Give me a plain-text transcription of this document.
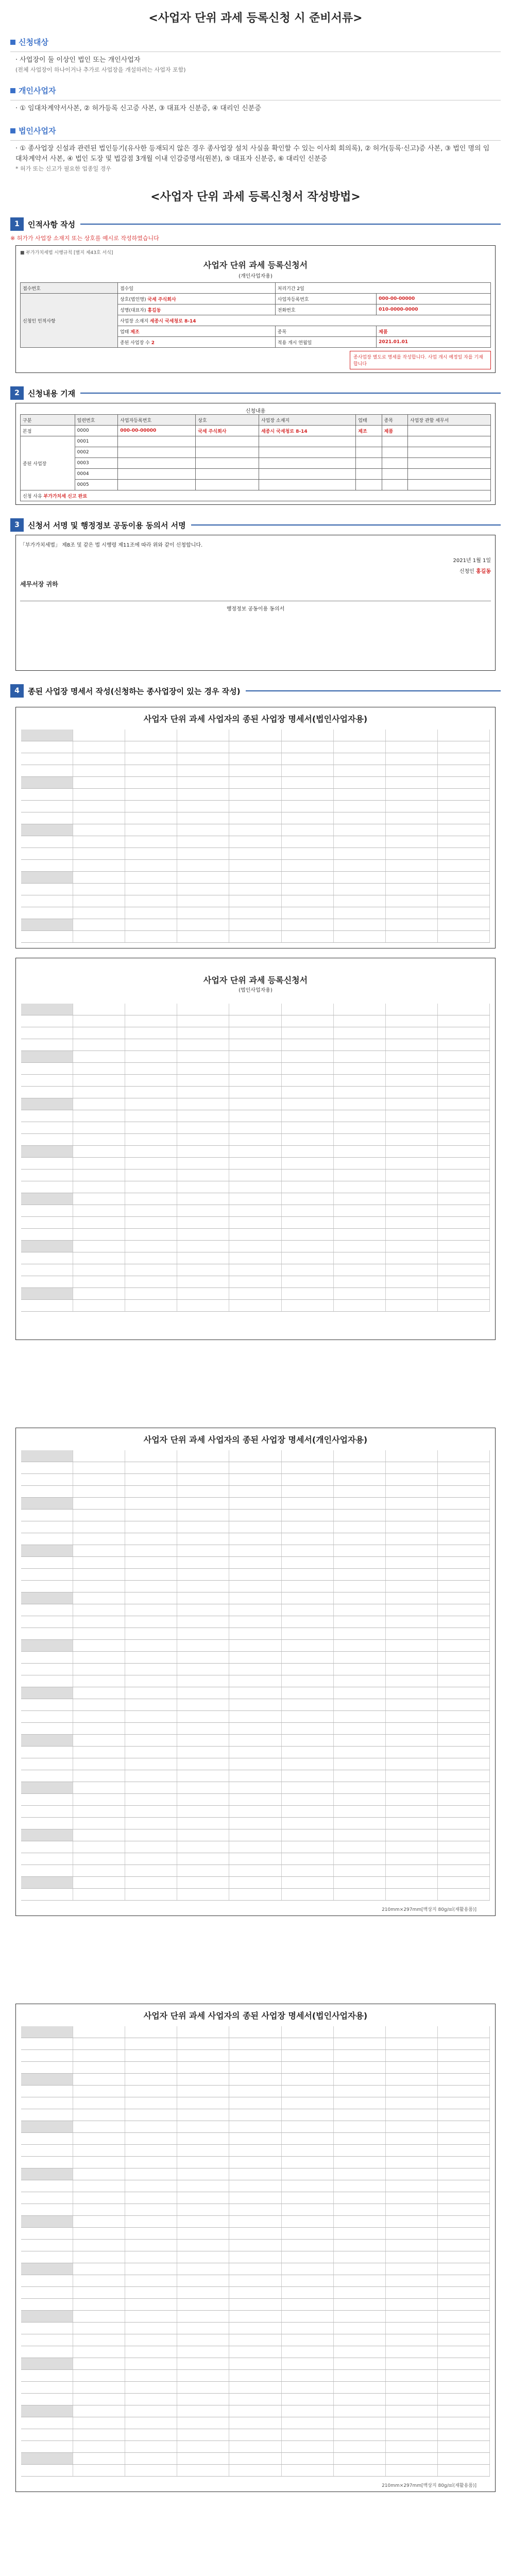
<사업자 단위 과세 등록신청 시 준비서류>
신청대상
· 사업장이 둘 이상인 법인 또는 개인사업자
(전체 사업장이 하나이거나 추가로 사업장을 개설하려는 사업자 포함)
개인사업자
· ① 임대차계약서사본, ② 허가등록 신고증 사본, ③ 대표자 신분증, ④ 대리인 신분증
법인사업자
· ① 종사업장 신설과 관련된 법인등기(유사한 등재되지 않은 경우 종사업장 설치 사실을 확인할 수 있는 이사회 회의록), ② 허가(등록·신고)증 사본, ③ 법인 명의 임대차계약서 사본, ④ 법인 도장 및 법감점 3개월 이내 인감증명서(원본), ⑤ 대표자 신분증, ⑥ 대리인 신분증
* 허가 또는 신고가 필요한 업종일 경우
<사업자 단위 과세 등록신청서 작성방법>
1	인적사항 작성
※ 허가가 사업장 소재지 또는 상호를 예시로 작성하였습니다
■ 부가가치세법 시행규칙 [별지 제43호 서식]
사업자 단위 과세 등록신청서
(개인사업자용)
접수번호	접수일	처리기간 2일	
신청인 인적사항	상호(법인명) 국세 주식회사	사업자등록번호	000-00-00000
	성명(대표자) 홍길동	전화번호	010-0000-0000
	사업장 소재지 세종시 국세청로 8-14		
	업태 제조	종목	제품
	종된 사업장 수 2	적용 개시 연월일	2021.01.01
종사업장 별도로 명세를 작성합니다. 사업 개시 예정일 자를 기재합니다
2	신청내용 기재
신청내용
구분	일련번호	사업자등록번호	상호	사업장 소재지	업태	종목	사업장 관할 세무서
본점	0000	000-00-00000	국세 주식회사	세종시 국세청로 8-14	제조	제품	
종된 사업장	0001						
	0002						
	0003						
	0004						
	0005						
신청 사유 부가가치세 신고 완료							
3	신청서 서명 및 행정정보 공동이용 동의서 서명
「부가가치세법」 제8조 및 같은 법 시행령 제11조에 따라 위와 같이 신청합니다.
2021년 1월 1일
신청인 홍길동
세무서장 귀하
행정정보 공동이용 동의서
4	종된 사업장 명세서 작성(신청하는 종사업장이 있는 경우 작성)
사업자 단위 과세 사업자의 종된 사업장 명세서(법인사업자용)
사업자 단위 과세 등록신청서
(법인사업자용)
사업자 단위 과세 사업자의 종된 사업장 명세서(개인사업자용)
210mm×297mm[백상지 80g/㎡(재활용품)]
사업자 단위 과세 사업자의 종된 사업장 명세서(법인사업자용)
210mm×297mm[백상지 80g/㎡(재활용품)]
